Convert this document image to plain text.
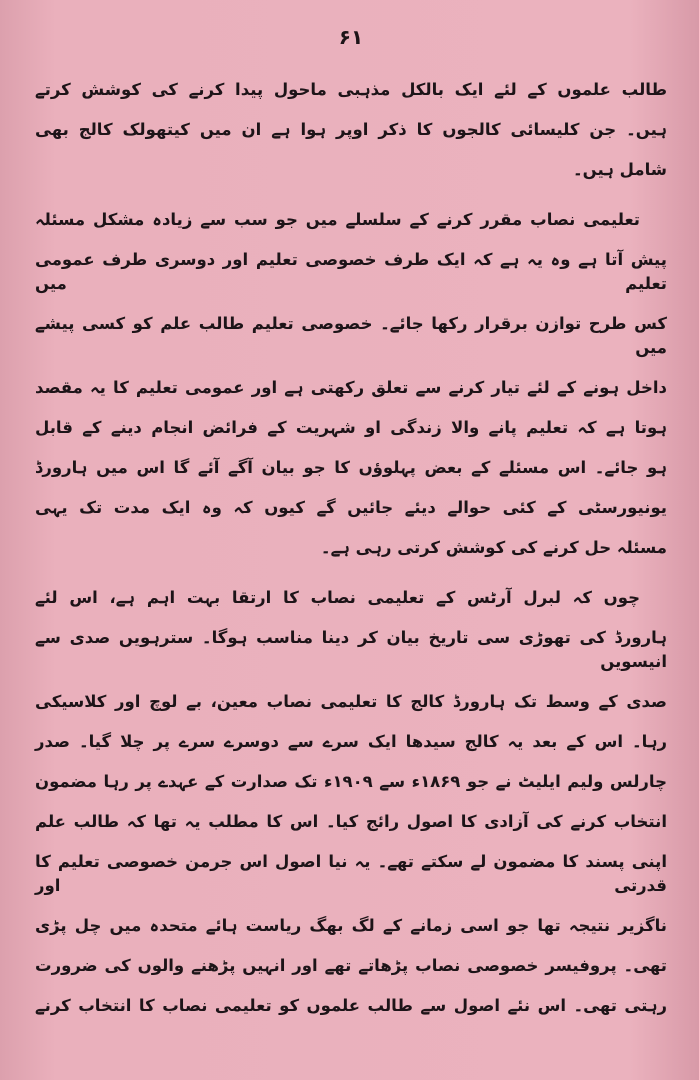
۶۱
طالب علموں کے لئے ایک بالکل مذہبی ماحول پیدا کرنے کی کوشش کرتے
ہیں۔ جن کلیسائی کالجوں کا ذکر اوپر ہوا ہے ان میں کیتھولک کالج بھی
شامل ہیں۔
تعلیمی نصاب مقرر کرنے کے سلسلے میں جو سب سے زیادہ مشکل مسئلہ
پیش آتا ہے وہ یہ ہے کہ ایک طرف خصوصی تعلیم اور دوسری طرف عمومی تعلیم میں
کس طرح توازن برقرار رکھا جائے۔ خصوصی تعلیم طالب علم کو کسی پیشے میں
داخل ہونے کے لئے تیار کرنے سے تعلق رکھتی ہے اور عمومی تعلیم کا یہ مقصد
ہوتا ہے کہ تعلیم پانے والا زندگی او شہریت کے فرائض انجام دینے کے قابل
ہو جائے۔ اس مسئلے کے بعض پہلوؤں کا جو بیان آگے آئے گا اس میں ہارورڈ
یونیورسٹی کے کئی حوالے دیئے جائیں گے کیوں کہ وہ ایک مدت تک یہی
مسئلہ حل کرنے کی کوشش کرتی رہی ہے۔
چوں کہ لبرل آرٹس کے تعلیمی نصاب کا ارتقا بہت اہم ہے، اس لئے
ہارورڈ کی تھوڑی سی تاریخ بیان کر دینا مناسب ہوگا۔ سترہویں صدی سے انیسویں
صدی کے وسط تک ہارورڈ کالج کا تعلیمی نصاب معین، بے لوچ اور کلاسیکی
رہا۔ اس کے بعد یہ کالج سیدھا ایک سرے سے دوسرے سرے پر چلا گیا۔ صدر
چارلس ولیم ایلیٹ نے جو ۱۸۶۹ء سے ۱۹۰۹ء تک صدارت کے عہدے پر رہا مضمون
انتخاب کرنے کی آزادی کا اصول رائج کیا۔ اس کا مطلب یہ تھا کہ طالب علم
اپنی پسند کا مضمون لے سکتے تھے۔ یہ نیا اصول اس جرمن خصوصی تعلیم کا قدرتی اور
ناگزیر نتیجہ تھا جو اسی زمانے کے لگ بھگ ریاست ہائے متحدہ میں چل پڑی
تھی۔ پروفیسر خصوصی نصاب پڑھاتے تھے اور انہیں پڑھنے والوں کی ضرورت
رہتی تھی۔ اس نئے اصول سے طالب علموں کو تعلیمی نصاب کا انتخاب کرنے
